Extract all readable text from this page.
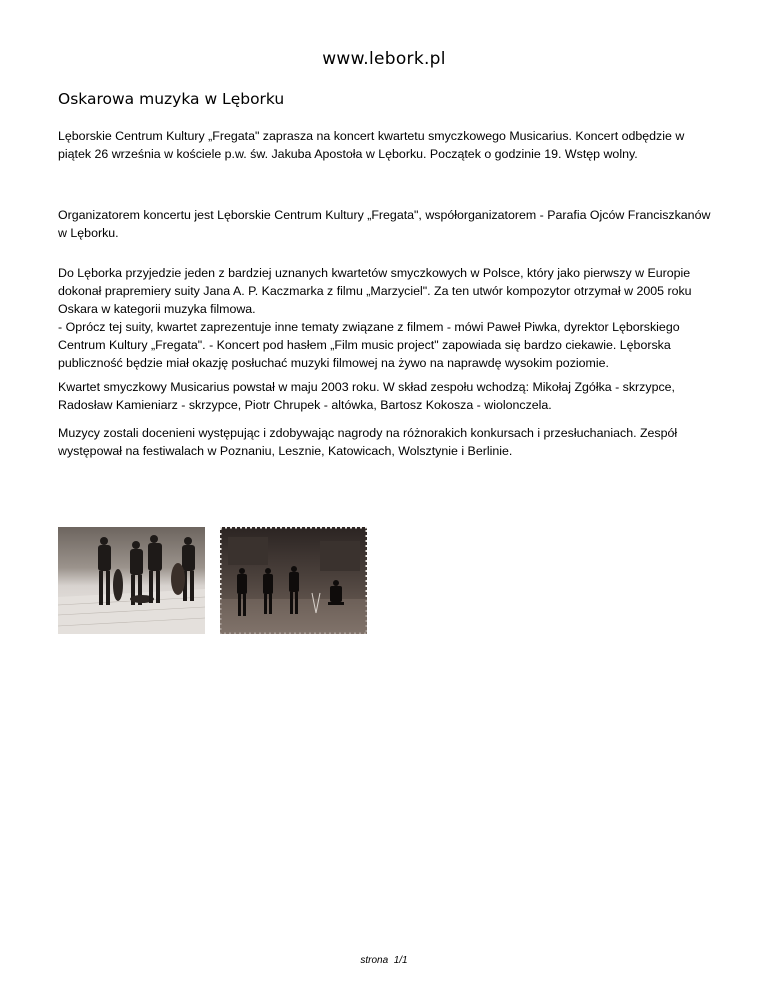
www.lebork.pl
Oskarowa muzyka w Lęborku

Lęborskie Centrum Kultury „Fregata" zaprasza na koncert kwartetu smyczkowego Musicarius. Koncert odbędzie w piątek 26 września w kościele p.w. św. Jakuba Apostoła w Lęborku. Początek o godzinie 19. Wstęp wolny.

Organizatorem koncertu jest Lęborskie Centrum Kultury „Fregata", współorganizatorem - Parafia Ojców Franciszkanów w Lęborku.

Do Lęborka przyjedzie jeden z bardziej uznanych kwartetów smyczkowych w Polsce, który jako pierwszy w Europie dokonał prapremiery suity Jana A. P. Kaczmarka z filmu „Marzyciel". Za ten utwór kompozytor otrzymał w 2005 roku Oskara w kategorii muzyka filmowa.
- Oprócz tej suity, kwartet zaprezentuje inne tematy związane z filmem - mówi Paweł Piwka, dyrektor Lęborskiego Centrum Kultury „Fregata". - Koncert pod hasłem „Film music project" zapowiada się bardzo ciekawie. Lęborska publiczność będzie miał okazję posłuchać muzyki filmowej na żywo na naprawdę wysokim poziomie.

Kwartet smyczkowy Musicarius powstał w maju 2003 roku. W skład zespołu wchodzą: Mikołaj Zgółka - skrzypce, Radosław Kamieniarz - skrzypce, Piotr Chrupek - altówka, Bartosz Kokosza - wiolonczela.

Muzycy zostali docenieni występując i zdobywając nagrody na różnorakich konkursach i przesłuchaniach. Zespół występował na festiwalach w Poznaniu, Lesznie, Katowicach, Wolsztynie i Berlinie.

strona  1/1
